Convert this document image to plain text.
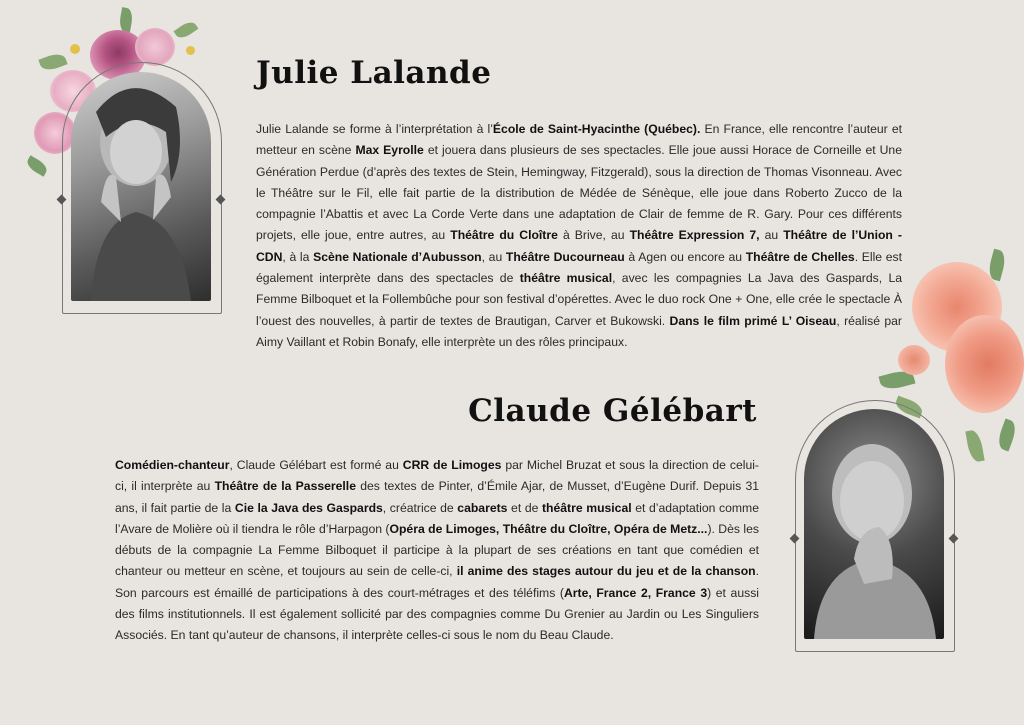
Julie Lalande

Julie Lalande se forme à l’interprétation à l’École de Saint-Hyacinthe (Québec). En France, elle rencontre l’auteur et metteur en scène Max Eyrolle et jouera dans plusieurs de ses spectacles. Elle joue aussi Horace de Corneille et Une Génération Perdue (d’après des textes de Stein, Hemingway, Fitzgerald), sous la direction de Thomas Visonneau. Avec le Théâtre sur le Fil, elle fait partie de la distribution de Médée de Sénèque, elle joue dans Roberto Zucco de la compagnie l’Abattis et avec La Corde Verte dans une adaptation de Clair de femme de R. Gary. Pour ces différents projets, elle joue, entre autres, au Théâtre du Cloître à Brive, au Théâtre Expression 7, au Théâtre de l’Union - CDN, à la Scène Nationale d’Aubusson, au Théâtre Ducourneau à Agen ou encore au Théâtre de Chelles. Elle est également interprète dans des spectacles de théâtre musical, avec les compagnies La Java des Gaspards, La Femme Bilboquet et la Follembûche pour son festival d’opérettes. Avec le duo rock One + One, elle crée le spectacle À l’ouest des nouvelles, à partir de textes de Brautigan, Carver et Bukowski. Dans le film primé L’ Oiseau, réalisé par Aimy Vaillant et Robin Bonafy, elle interprète un des rôles principaux.

Claude Gélébart

Comédien-chanteur, Claude Gélébart est formé au CRR de Limoges par Michel Bruzat et sous la direction de celui-ci, il interprète au Théâtre de la Passerelle des textes de Pinter, d’Émile Ajar, de Musset, d’Eugène Durif. Depuis 31 ans, il fait partie de la Cie la Java des Gaspards, créatrice de cabarets et de théâtre musical et d’adaptation comme l’Avare de Molière où il tiendra le rôle d’Harpagon (Opéra de Limoges, Théâtre du Cloître, Opéra de Metz...). Dès les débuts de la compagnie La Femme Bilboquet il participe à la plupart de ses créations en tant que comédien et chanteur ou metteur en scène, et toujours au sein de celle-ci, il anime des stages autour du jeu et de la chanson. Son parcours est émaillé de participations à des court-métrages et des téléfims (Arte, France 2, France 3) et aussi des films institutionnels. Il est également sollicité par des compagnies comme Du Grenier au Jardin ou Les Singuliers Associés. En tant qu’auteur de chansons, il interprète celles-ci sous le nom du Beau Claude.
